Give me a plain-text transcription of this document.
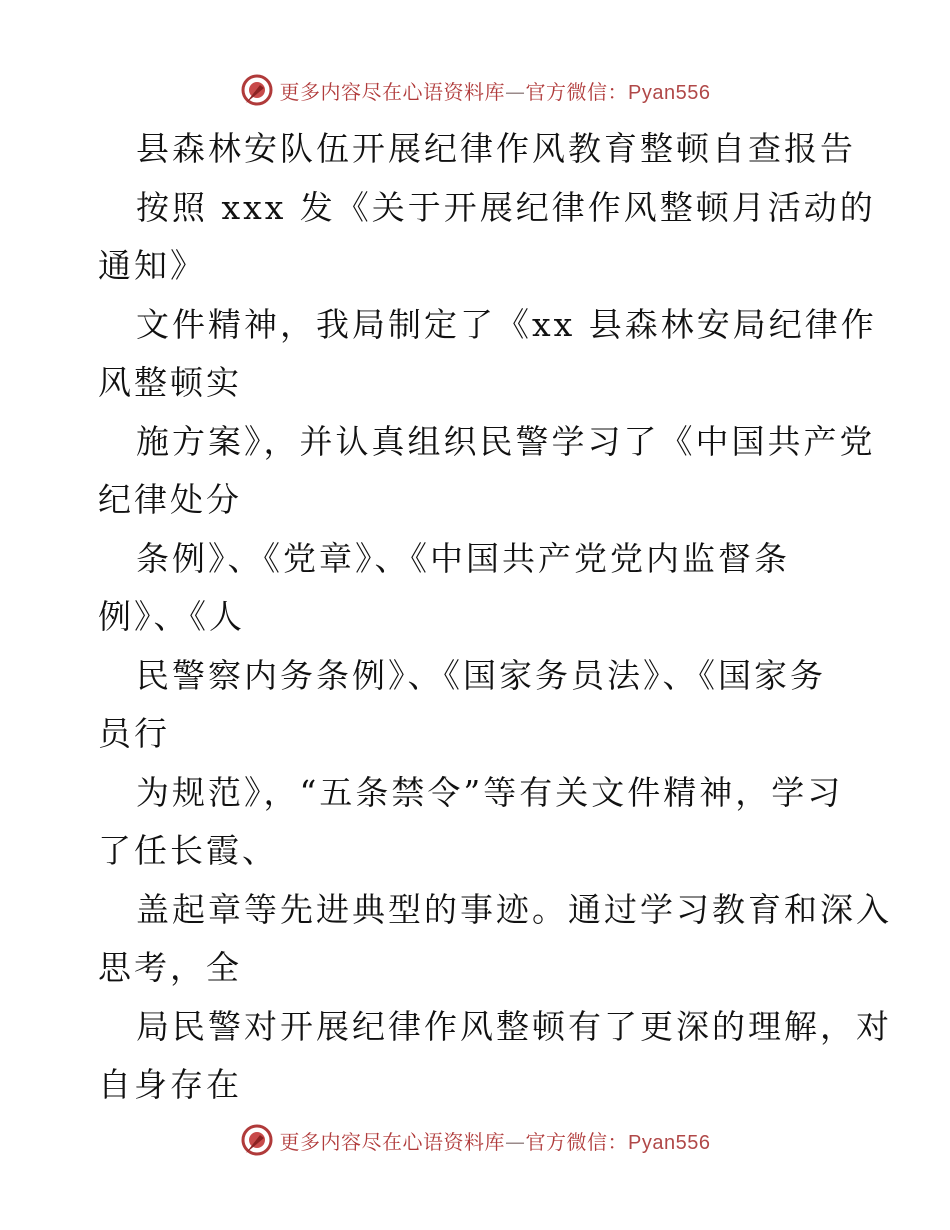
更多内容尽在心语资料库—官方微信：Pyan556
县森林安队伍开展纪律作风教育整顿自查报告
按照 xxx 发《关于开展纪律作风整顿月活动的
通知》
文件精神，我局制定了《xx 县森林安局纪律作
风整顿实
施方案》，并认真组织民警学习了《中国共产党
纪律处分
条例》、《党章》、《中国共产党党内监督条
例》、《人
民警察内务条例》、《国家务员法》、《国家务
员行
为规范》，“五条禁令”等有关文件精神，学习
了任长霞、
盖起章等先进典型的事迹。通过学习教育和深入
思考，全
局民警对开展纪律作风整顿有了更深的理解，对
自身存在
更多内容尽在心语资料库—官方微信：Pyan556
